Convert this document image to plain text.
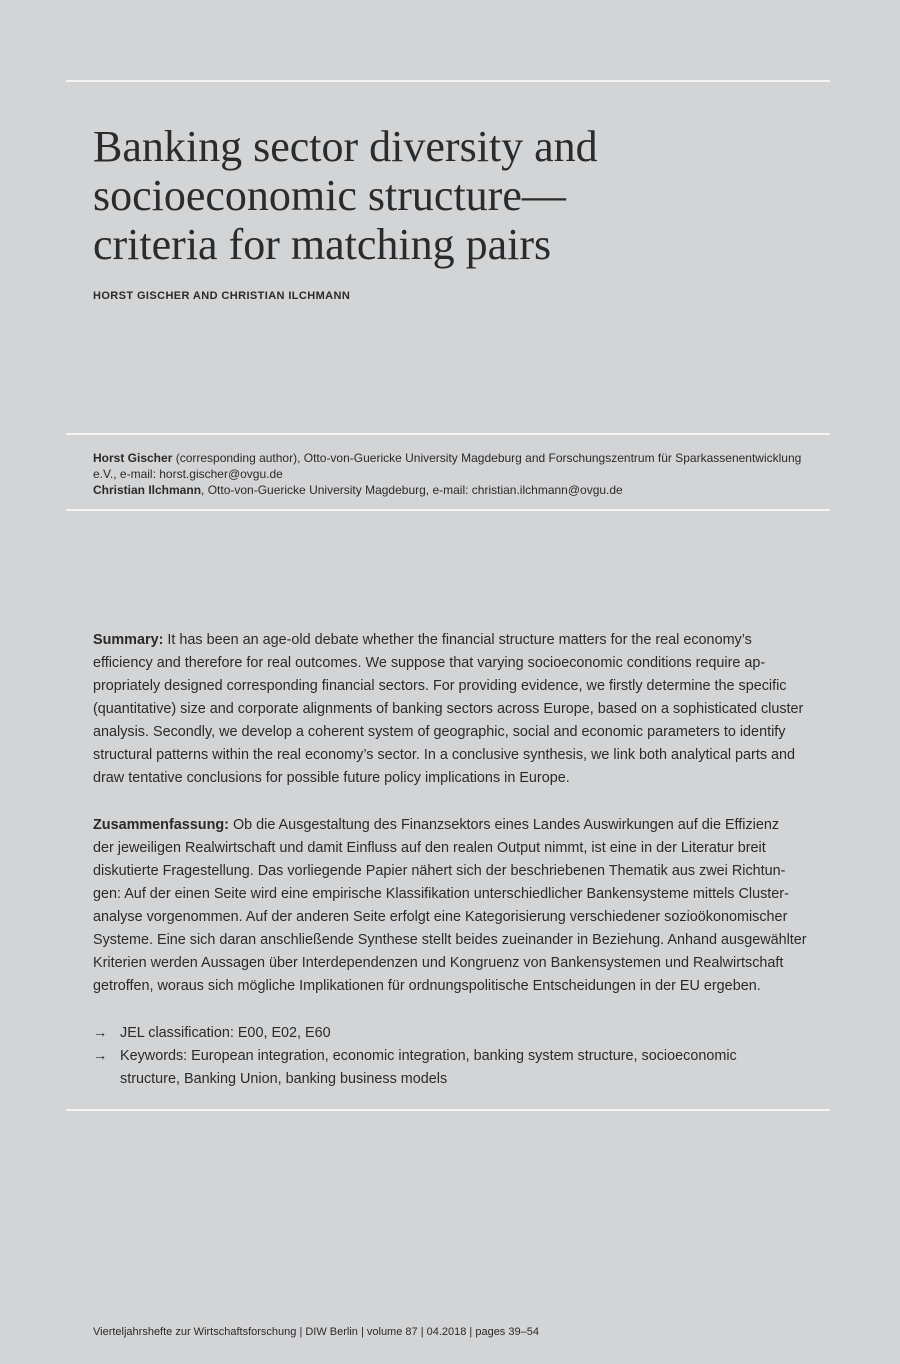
Banking sector diversity and
socioeconomic structure—
criteria for matching pairs
HORST GISCHER AND CHRISTIAN ILCHMANN
Horst Gischer (corresponding author), Otto-von-Guericke University Magdeburg and Forschungszentrum für Sparkassenentwicklung
e.V., e-mail: horst.gischer@ovgu.de
Christian Ilchmann, Otto-von-Guericke University Magdeburg, e-mail: christian.ilchmann@ovgu.de
Summary: It has been an age-old debate whether the financial structure matters for the real economy’s
efficiency and therefore for real outcomes. We suppose that varying socioeconomic conditions require ap-
propriately designed corresponding financial sectors. For providing evidence, we firstly determine the specific
(quantitative) size and corporate alignments of banking sectors across Europe, based on a sophisticated cluster
analysis. Secondly, we develop a coherent system of geographic, social and economic parameters to identify
structural patterns within the real economy’s sector. In a conclusive synthesis, we link both analytical parts and
draw tentative conclusions for possible future policy implications in Europe.
Zusammenfassung: Ob die Ausgestaltung des Finanzsektors eines Landes Auswirkungen auf die Effizienz
der jeweiligen Realwirtschaft und damit Einfluss auf den realen Output nimmt, ist eine in der Literatur breit
diskutierte Fragestellung. Das vorliegende Papier nähert sich der beschriebenen Thematik aus zwei Richtun-
gen: Auf der einen Seite wird eine empirische Klassifikation unterschiedlicher Bankensysteme mittels Cluster-
analyse vorgenommen. Auf der anderen Seite erfolgt eine Kategorisierung verschiedener sozioökonomischer
Systeme. Eine sich daran anschließende Synthese stellt beides zueinander in Beziehung. Anhand ausgewählter
Kriterien werden Aussagen über Interdependenzen und Kongruenz von Bankensystemen und Realwirtschaft
getroffen, woraus sich mögliche Implikationen für ordnungspolitische Entscheidungen in der EU ergeben.
→ JEL classification: E00, E02, E60
→ Keywords: European integration, economic integration, banking system structure, socioeconomic
structure, Banking Union, banking business models
Vierteljahrshefte zur Wirtschaftsforschung | DIW Berlin | volume 87 | 04.2018 | pages 39–54
